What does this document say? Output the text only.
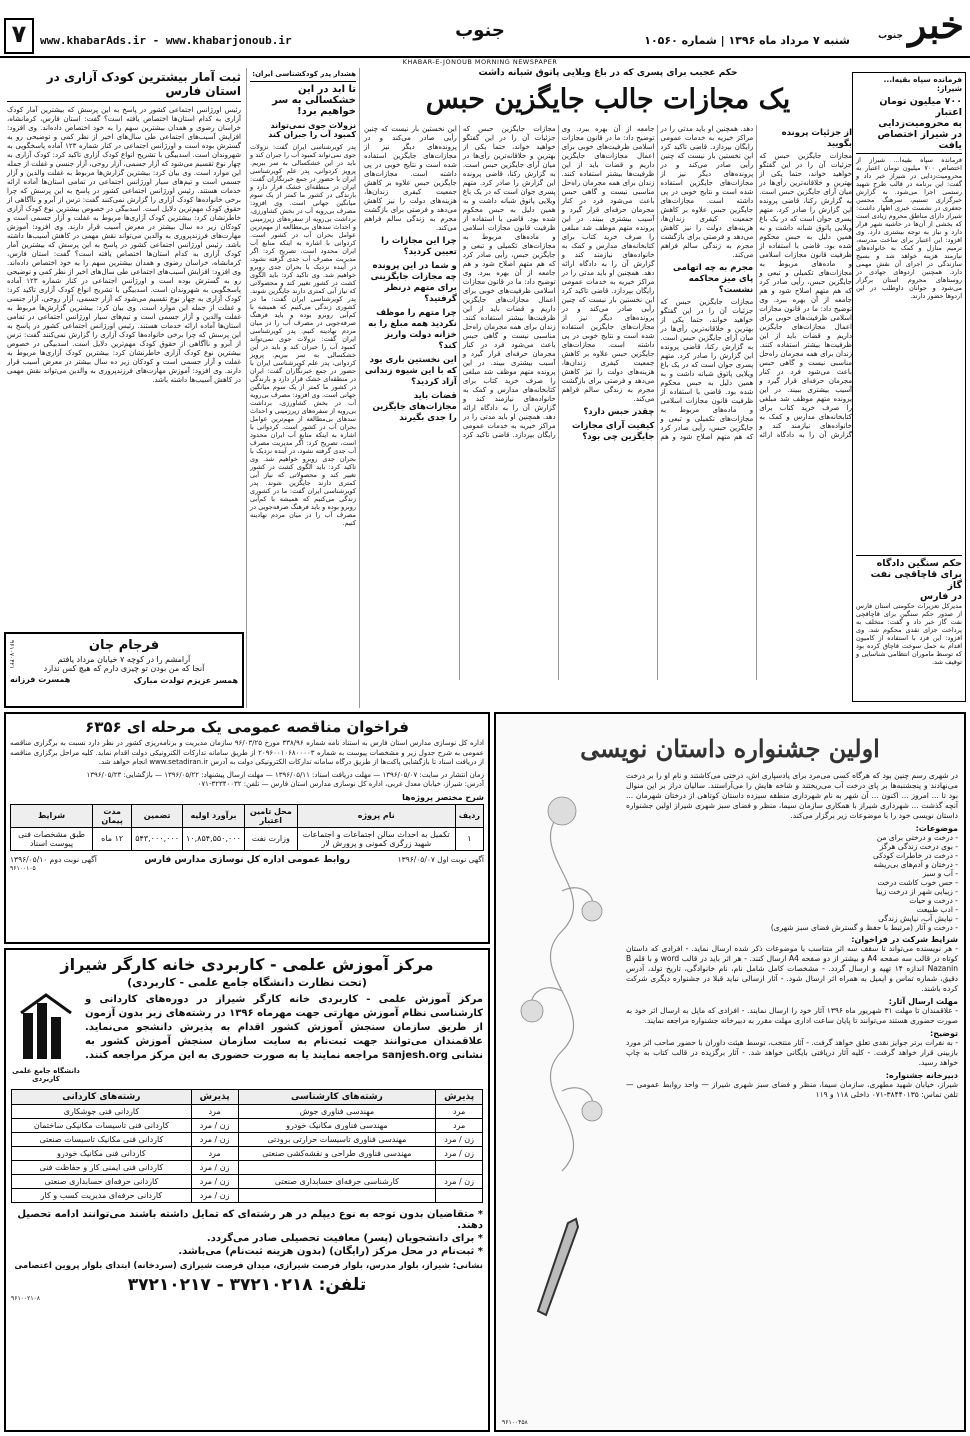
خبر جنوب
شنبه ۷ مرداد ماه ۱۳۹۶ | شماره ۱۰۵۶۰
جنوب
www.khabarAds.ir - www.khabarjonoub.ir
۷
KHABAR-E-JONOUB MORNING NEWSPAPER
فرمانده سپاه بقیه‌ا... شیراز:
۷۰۰ میلیون تومان اعتبار
به محرومیت‌زدایی
در شیراز اختصاص یافت
فرمانده سپاه بقیه‌ا... شیراز از اختصاص ۷۰۰ میلیون تومان اعتبار به محرومیت‌زدایی در شیراز خبر داد و گفت: این برنامه در قالب طرح شهید رستمی اجرا می‌شود. به گزارش خبرگزاری تسنیم، سرهنگ محسن جعفری در نشست خبری اظهار داشت: شیراز دارای مناطق محروم زیادی است که بخشی از آن‌ها در حاشیه شهر قرار دارد و نیاز به توجه بیشتری دارد. وی افزود: این اعتبار برای ساخت مدرسه، ترمیم منازل و کمک به خانواده‌های نیازمند هزینه خواهد شد و بسیج سازندگی در اجرای آن نقش مهمی دارد. همچنین اردوهای جهادی در روستاهای محروم استان برگزار می‌شود و جوانان داوطلب در این اردوها حضور دارند.
حکم سنگین دادگاه
برای قاچاقچی نفت گاز
در فارس
مدیرکل تعزیرات حکومتی استان فارس از صدور حکم سنگین برای قاچاقچی نفت گاز خبر داد و گفت: متخلف به پرداخت جزای نقدی محکوم شد. وی افزود: این فرد با استفاده از کامیون اقدام به حمل سوخت قاچاق کرده بود که توسط ماموران انتظامی شناسایی و توقیف شد.
حکم عجیب برای پسری که در باغ ویلایی پاتوق شبانه داشت
یک مجازات جالب جایگزین حبس
از جزئیات پرونده بگویید
مجازات جایگزین حبس که جزئیات آن را در این گفتگو خواهید خواند، حتما یکی از بهترین و خلاقانه‌ترین رأی‌ها در میان آرای جایگزین حبس است. به گزارش رکنا، قاضی پرونده این گزارش را صادر کرد. متهم پسری جوان است که در یک باغ ویلایی پاتوق شبانه داشت و به همین دلیل به حبس محکوم شده بود. قاضی با استفاده از ظرفیت قانون مجازات اسلامی و ماده‌های مربوط به مجازات‌های تکمیلی و تبعی و جایگزین حبس، رأیی صادر کرد که هم متهم اصلاح شود و هم جامعه از آن بهره ببرد. وی توضیح داد: ما در قانون مجازات اسلامی ظرفیت‌های خوبی برای اعمال مجازات‌های جایگزین داریم و قضات باید از این ظرفیت‌ها بیشتر استفاده کنند. زندان برای همه مجرمان راه‌حل مناسبی نیست و گاهی حبس باعث می‌شود فرد در کنار مجرمان حرفه‌ای قرار گیرد و آسیب بیشتری ببیند. در این پرونده متهم موظف شد مبلغی را صرف خرید کتاب برای کتابخانه‌های مدارس و کمک به خانواده‌های نیازمند کند و گزارش آن را به دادگاه ارائه دهد. همچنین او باید مدتی را در مراکز خیریه به خدمات عمومی رایگان بپردازد. قاضی تاکید کرد این نخستین بار نیست که چنین رأیی صادر می‌کند و در پرونده‌های دیگر نیز از مجازات‌های جایگزین استفاده شده است و نتایج خوبی در پی داشته است. مجازات‌های جایگزین حبس علاوه بر کاهش جمعیت کیفری زندان‌ها، هزینه‌های دولت را نیز کاهش می‌دهد و فرصتی برای بازگشت مجرم به زندگی سالم فراهم می‌کند.
مجرم به چه اتهامی پای میز محاکمه نشست؟
مجازات جایگزین حبس که جزئیات آن را در این گفتگو خواهید خواند، حتما یکی از بهترین و خلاقانه‌ترین رأی‌ها در میان آرای جایگزین حبس است. به گزارش رکنا، قاضی پرونده این گزارش را صادر کرد. متهم پسری جوان است که در یک باغ ویلایی پاتوق شبانه داشت و به همین دلیل به حبس محکوم شده بود. قاضی با استفاده از ظرفیت قانون مجازات اسلامی و ماده‌های مربوط به مجازات‌های تکمیلی و تبعی و جایگزین حبس، رأیی صادر کرد که هم متهم اصلاح شود و هم جامعه از آن بهره ببرد. وی توضیح داد: ما در قانون مجازات اسلامی ظرفیت‌های خوبی برای اعمال مجازات‌های جایگزین داریم و قضات باید از این ظرفیت‌ها بیشتر استفاده کنند. زندان برای همه مجرمان راه‌حل مناسبی نیست و گاهی حبس باعث می‌شود فرد در کنار مجرمان حرفه‌ای قرار گیرد و آسیب بیشتری ببیند. در این پرونده متهم موظف شد مبلغی را صرف خرید کتاب برای کتابخانه‌های مدارس و کمک به خانواده‌های نیازمند کند و گزارش آن را به دادگاه ارائه دهد. همچنین او باید مدتی را در مراکز خیریه به خدمات عمومی رایگان بپردازد. قاضی تاکید کرد این نخستین بار نیست که چنین رأیی صادر می‌کند و در پرونده‌های دیگر نیز از مجازات‌های جایگزین استفاده شده است و نتایج خوبی در پی داشته است. مجازات‌های جایگزین حبس علاوه بر کاهش جمعیت کیفری زندان‌ها، هزینه‌های دولت را نیز کاهش می‌دهد و فرصتی برای بازگشت مجرم به زندگی سالم فراهم می‌کند.
چقدر حبس دارد؟
کیفیت آرای مجازات جایگزین چی بود؟
مجازات جایگزین حبس که جزئیات آن را در این گفتگو خواهید خواند، حتما یکی از بهترین و خلاقانه‌ترین رأی‌ها در میان آرای جایگزین حبس است. به گزارش رکنا، قاضی پرونده این گزارش را صادر کرد. متهم پسری جوان است که در یک باغ ویلایی پاتوق شبانه داشت و به همین دلیل به حبس محکوم شده بود. قاضی با استفاده از ظرفیت قانون مجازات اسلامی و ماده‌های مربوط به مجازات‌های تکمیلی و تبعی و جایگزین حبس، رأیی صادر کرد که هم متهم اصلاح شود و هم جامعه از آن بهره ببرد. وی توضیح داد: ما در قانون مجازات اسلامی ظرفیت‌های خوبی برای اعمال مجازات‌های جایگزین داریم و قضات باید از این ظرفیت‌ها بیشتر استفاده کنند. زندان برای همه مجرمان راه‌حل مناسبی نیست و گاهی حبس باعث می‌شود فرد در کنار مجرمان حرفه‌ای قرار گیرد و آسیب بیشتری ببیند. در این پرونده متهم موظف شد مبلغی را صرف خرید کتاب برای کتابخانه‌های مدارس و کمک به خانواده‌های نیازمند کند و گزارش آن را به دادگاه ارائه دهد. همچنین او باید مدتی را در مراکز خیریه به خدمات عمومی رایگان بپردازد. قاضی تاکید کرد این نخستین بار نیست که چنین رأیی صادر می‌کند و در پرونده‌های دیگر نیز از مجازات‌های جایگزین استفاده شده است و نتایج خوبی در پی داشته است. مجازات‌های جایگزین حبس علاوه بر کاهش جمعیت کیفری زندان‌ها، هزینه‌های دولت را نیز کاهش می‌دهد و فرصتی برای بازگشت مجرم به زندگی سالم فراهم می‌کند.
چرا این مجازات را تعیین کردید؟
و شما در این پرونده چه مجازات جایگزینی برای متهم درنظر گرفتید؟
چرا متهم را موظف نکردید همه مبلغ را به خزانه دولت واریز کند؟
این نخستین باری بود که با این شیوه زندانی آزاد کردید؟
قضات باید مجازات‌های جایگزین را جدی بگیرند
هشدار پدر کودکشناسی ایران:
تا ابد در این خشکسالی به سر خواهیم برد!
نزولات جوی نمی‌تواند کمبود آب را جبران کند
پدر کویرشناسی ایران گفت: نزولات جوی نمی‌تواند کمبود آب را جبران کند و باید در این خشکسالی به سر ببریم. پرویز کردوانی، پدر علم کویرشناسی ایران با حضور در جمع خبرنگاران گفت: ایران در منطقه‌ای خشک قرار دارد و بارندگی در کشور ما کمتر از یک سوم میانگین جهانی است. وی افزود: مصرف بی‌رویه آب در بخش کشاورزی، برداشت بی‌رویه از سفره‌های زیرزمینی و احداث سدهای بی‌مطالعه از مهم‌ترین عوامل بحران آب در کشور است. کردوانی با اشاره به اینکه منابع آب ایران محدود است، تصریح کرد: اگر مدیریت مصرف آب جدی گرفته نشود، در آینده نزدیک با بحران جدی روبرو خواهیم شد. وی تاکید کرد: باید الگوی کشت در کشور تغییر کند و محصولاتی که نیاز آبی کمتری دارند جایگزین شوند. پدر کویرشناسی ایران گفت: ما در کشوری زندگی می‌کنیم که همیشه با کم‌آبی روبرو بوده و باید فرهنگ صرفه‌جویی در مصرف آب را در میان مردم نهادینه کنیم. پدر کویرشناسی ایران گفت: نزولات جوی نمی‌تواند کمبود آب را جبران کند و باید در این خشکسالی به سر ببریم. پرویز کردوانی، پدر علم کویرشناسی ایران با حضور در جمع خبرنگاران گفت: ایران در منطقه‌ای خشک قرار دارد و بارندگی در کشور ما کمتر از یک سوم میانگین جهانی است. وی افزود: مصرف بی‌رویه آب در بخش کشاورزی، برداشت بی‌رویه از سفره‌های زیرزمینی و احداث سدهای بی‌مطالعه از مهم‌ترین عوامل بحران آب در کشور است. کردوانی با اشاره به اینکه منابع آب ایران محدود است، تصریح کرد: اگر مدیریت مصرف آب جدی گرفته نشود، در آینده نزدیک با بحران جدی روبرو خواهیم شد. وی تاکید کرد: باید الگوی کشت در کشور تغییر کند و محصولاتی که نیاز آبی کمتری دارند جایگزین شوند. پدر کویرشناسی ایران گفت: ما در کشوری زندگی می‌کنیم که همیشه با کم‌آبی روبرو بوده و باید فرهنگ صرفه‌جویی در مصرف آب را در میان مردم نهادینه کنیم.
ثبت آمار بیشترین کودک آزاری در استان فارس
رئیس اورژانس اجتماعی کشور در پاسخ به این پرسش که بیشترین آمار کودک آزاری به کدام استان‌ها اختصاص یافته است؟ گفت: استان فارس، کرمانشاه، خراسان رضوی و همدان بیشترین سهم را به خود اختصاص داده‌اند. وی افزود: افزایش آسیب‌های اجتماعی طی سال‌های اخیر از نظر کمی و توضیحی رو به گسترش بوده است و اورژانس اجتماعی در کنار شماره ۱۲۳ آماده پاسخگویی به شهروندان است. اسدبیگی با تشریح انواع کودک آزاری تاکید کرد: کودک آزاری به چهار نوع تقسیم می‌شود که آزار جسمی، آزار روحی، آزار جنسی و غفلت از جمله این موارد است. وی بیان کرد: بیشترین گزارش‌ها مربوط به غفلت والدین و آزار جسمی است و تیم‌های سیار اورژانس اجتماعی در تمامی استان‌ها آماده ارائه خدمات هستند. رئیس اورژانس اجتماعی کشور در پاسخ به این پرسش که چرا برخی خانواده‌ها کودک آزاری را گزارش نمی‌کنند گفت: ترس از آبرو و ناآگاهی از حقوق کودک مهم‌ترین دلایل است. اسدبیگی در خصوص بیشترین نوع کودک آزاری خاطرنشان کرد: بیشترین کودک آزاری‌ها مربوط به غفلت و آزار جسمی است و کودکان زیر ده سال بیشتر در معرض آسیب قرار دارند. وی افزود: آموزش مهارت‌های فرزندپروری به والدین می‌تواند نقش مهمی در کاهش آسیب‌ها داشته باشد. رئیس اورژانس اجتماعی کشور در پاسخ به این پرسش که بیشترین آمار کودک آزاری به کدام استان‌ها اختصاص یافته است؟ گفت: استان فارس، کرمانشاه، خراسان رضوی و همدان بیشترین سهم را به خود اختصاص داده‌اند. وی افزود: افزایش آسیب‌های اجتماعی طی سال‌های اخیر از نظر کمی و توضیحی رو به گسترش بوده است و اورژانس اجتماعی در کنار شماره ۱۲۳ آماده پاسخگویی به شهروندان است. اسدبیگی با تشریح انواع کودک آزاری تاکید کرد: کودک آزاری به چهار نوع تقسیم می‌شود که آزار جسمی، آزار روحی، آزار جنسی و غفلت از جمله این موارد است. وی بیان کرد: بیشترین گزارش‌ها مربوط به غفلت والدین و آزار جسمی است و تیم‌های سیار اورژانس اجتماعی در تمامی استان‌ها آماده ارائه خدمات هستند. رئیس اورژانس اجتماعی کشور در پاسخ به این پرسش که چرا برخی خانواده‌ها کودک آزاری را گزارش نمی‌کنند گفت: ترس از آبرو و ناآگاهی از حقوق کودک مهم‌ترین دلایل است. اسدبیگی در خصوص بیشترین نوع کودک آزاری خاطرنشان کرد: بیشترین کودک آزاری‌ها مربوط به غفلت و آزار جسمی است و کودکان زیر ده سال بیشتر در معرض آسیب قرار دارند. وی افزود: آموزش مهارت‌های فرزندپروری به والدین می‌تواند نقش مهمی در کاهش آسیب‌ها داشته باشد.
فرجام جان
آرامشم را در کوچه ۷ خیابان مرداد یافتم
آنجا که من بودن تو چیزی دارم که هیچ کس ندارد
همسر عزیزم تولدت مبارک
همسرت فرزانه
۹۶۱۰۷۰۴۲۱
فراخوان مناقصه عمومی یک مرحله ای ۶۳۵۶
اداره کل نوسازی مدارس استان فارس به استناد نامه شماره ۳۳۸/۹۶ مورخ ۹۶/۰۳/۲۵ سازمان مدیریت و برنامه‌ریزی کشور در نظر دارد نسبت به برگزاری مناقصه عمومی به شرح جدول زیر و مشخصات پیوست به شماره ۲۰۹۶۰۰۱۰۶۸۰۰۰۰۳ از طریق سامانه تدارکات الکترونیکی دولت اقدام نماید. کلیه مراحل برگزاری مناقصه از دریافت اسناد تا بازگشایی پاکت‌ها از طریق درگاه سامانه تدارکات الکترونیکی دولت به آدرس www.setadiran.ir انجام خواهد شد.
زمان انتشار در سایت: ۱۳۹۶/۰۵/۰۷ — مهلت دریافت اسناد: ۱۳۹۶/۰۵/۱۱ — مهلت ارسال پیشنهاد: ۱۳۹۶/۰۵/۲۲ — بازگشایی: ۱۳۹۶/۰۵/۲۳
آدرس: شیراز، خیابان معدل غربی، اداره کل نوسازی مدارس استان فارس — تلفن: ۳۲۳۴۰۰۳۲-۰۷۱
شرح مختصر پروژه‌ها
ردیف	نام پروژه	محل تامین اعتبار	برآورد اولیه	تضمین	مدت پیمان	شرایط
۱	تکمیل به احداث سالن اجتماعات و اجتماعات شهید زرگری کمونی و پرورش لار	وزارت نفت	۱۰,۸۵۴,۵۵۰,۰۰۰	۵۴۳,۰۰۰,۰۰۰	۱۲ ماه	طبق مشخصات فنی پیوست اسناد
آگهی نوبت اول ۱۳۹۶/۰۵/۰۷
روابط عمومی اداره کل نوسازی مدارس فارس
آگهی نوبت دوم ۱۳۹۶/۰۵/۱۰
۹۶۱۰۰۱۰۵
مرکز آموزش علمی - کاربردی خانه کارگر شیراز
(تحت نظارت دانشگاه جامع علمی - کاربردی)
مرکز آموزش علمی - کاربردی خانه کارگر شیراز در دوره‌های کاردانی و کارشناسی نظام آموزش مهارتی جهت مهرماه ۱۳۹۶ در رشته‌های زیر بدون آزمون از طریق سازمان سنجش آموزش کشور اقدام به پذیرش دانشجو می‌نماید. علاقمندان می‌توانند جهت ثبت‌نام به سایت سازمان سنجش آموزش کشور به نشانی sanjesh.org مراجعه نمایند یا به صورت حضوری به این مرکز مراجعه کنند.
دانشگاه جامع علمی کاربردی
پذیرش	رشته‌های کارشناسی	پذیرش	رشته‌های کاردانی
مرد	مهندسی فناوری جوش	مرد	کاردانی فنی جوشکاری
مرد	مهندسی فناوری مکانیک خودرو	زن / مرد	کاردانی فنی تاسیسات مکانیکی ساختمان
زن / مرد	مهندسی فناوری تاسیسات حرارتی برودتی	زن / مرد	کاردانی فنی مکانیک تاسیسات صنعتی
زن / مرد	مهندسی فناوری طراحی و نقشه‌کشی صنعتی	مرد	کاردانی فنی مکانیک خودرو
		زن / مرد	کاردانی فنی ایمنی کار و حفاظت فنی
زن / مرد	کارشناسی حرفه‌ای حسابداری صنعتی	زن / مرد	کاردانی حرفه‌ای حسابداری صنعتی
		زن / مرد	کاردانی حرفه‌ای مدیریت کسب و کار
* متقاضیان بدون توجه به نوع دیپلم در هر رشته‌ای که تمایل داشته باشند می‌توانند ادامه تحصیل دهند.
* برای دانشجویان (پسر) معافیت تحصیلی صادر می‌گردد.
* ثبت‌نام در محل مرکز (رایگان) (بدون هزینه ثبت‌نام) می‌باشد.
نشانی: شیراز، بلوار مدرس، بلوار فرصت شیرازی، میدان فرصت شیرازی (سردخانه) ابتدای بلوار پروین اعتصامی
تلفن: ۳۷۲۱۰۲۱۸ - ۳۷۲۱۰۲۱۷
۹۶۱۰۰۲۱۰۸
اولین جشنواره داستان نویسی
در شهری رسم چنین بود که هرگاه کسی می‌مرد برای یادسپاری اش، درختی می‌کاشتند و نام او را بر درخت می‌نهادند و پنجشنبه‌ها بر پای درخت آب می‌ریختند و شاخه هایش را می‌آراستند. سالیان دراز بر این منوال بود تا ... امروز ... اکنون ... آن شهر به نام شهرداری منطقه سیزده داستان کوتاهی از درختان شهرمان ... آنچه گذشت ... شهرداری شیراز با همکاری سازمان سیما، منظر و فضای سبز شهری شیراز اولین جشنواره داستان نویسی خود را با موضوعات زیر برگزار می‌کند.
موضوعات:
- درخت و درختی برای من
- بوی درخت زندگی هرگز
- درخت در خاطرات کودکی
- درختان و آدم‌های بی‌ریشه
- آب و سبز
- حس خوب کاشت درخت
- زیبایی شهر از درخت زیبا
- درخت و حیات
- ادب طبیعت
- نیایش آب، نیایش زندگی
- درخت و آثار (مرتبط با حفظ و گسترش فضای سبز شهری)
شرایط شرکت در فراخوان:
- هر نویسنده می‌تواند تا سقف سه اثر متناسب با موضوعات ذکر شده ارسال نماید. - افرادی که داستان کوتاه در قالب سه صفحه A4 و بیشتر از دو صفحه A4 ارسال کنند. - هر اثر باید در قالب word و با قلم B Nazanin اندازه ۱۴ تهیه و ارسال گردد. - مشخصات کامل شامل نام، نام خانوادگی، تاریخ تولد، آدرس دقیق، شماره تماس و ایمیل به همراه اثر ارسال شود. - آثار ارسالی نباید قبلا در جشنواره دیگری شرکت کرده باشند.
مهلت ارسال آثار:
- علاقمندان تا مهلت ۳۱ شهریور ماه ۱۳۹۶ آثار خود را ارسال نمایند. - افرادی که مایل به ارسال اثر خود به صورت حضوری هستند می‌توانند تا پایان ساعت اداری مهلت مقرر به دبیرخانه جشنواره مراجعه نمایند.
توضیح:
- به نفرات برتر جوایز نقدی تعلق خواهد گرفت. - آثار منتخب، توسط هیئت داوران با حضور صاحب اثر مورد بازبینی قرار خواهد گرفت. - کلیه آثار دریافتی بایگانی خواهد شد. - آثار برگزیده در قالب کتاب به چاپ خواهد رسید.
دبیرخانه جشنواره:
شیراز، خیابان شهید مطهری، سازمان سیما، منظر و فضای سبز شهری شیراز — واحد روابط عمومی — تلفن تماس: ۳۸۴۴۰۱۳۵-۰۷۱ داخلی ۱۱۸ و ۱۱۹
۹۶۱۰۰۴۵۸
